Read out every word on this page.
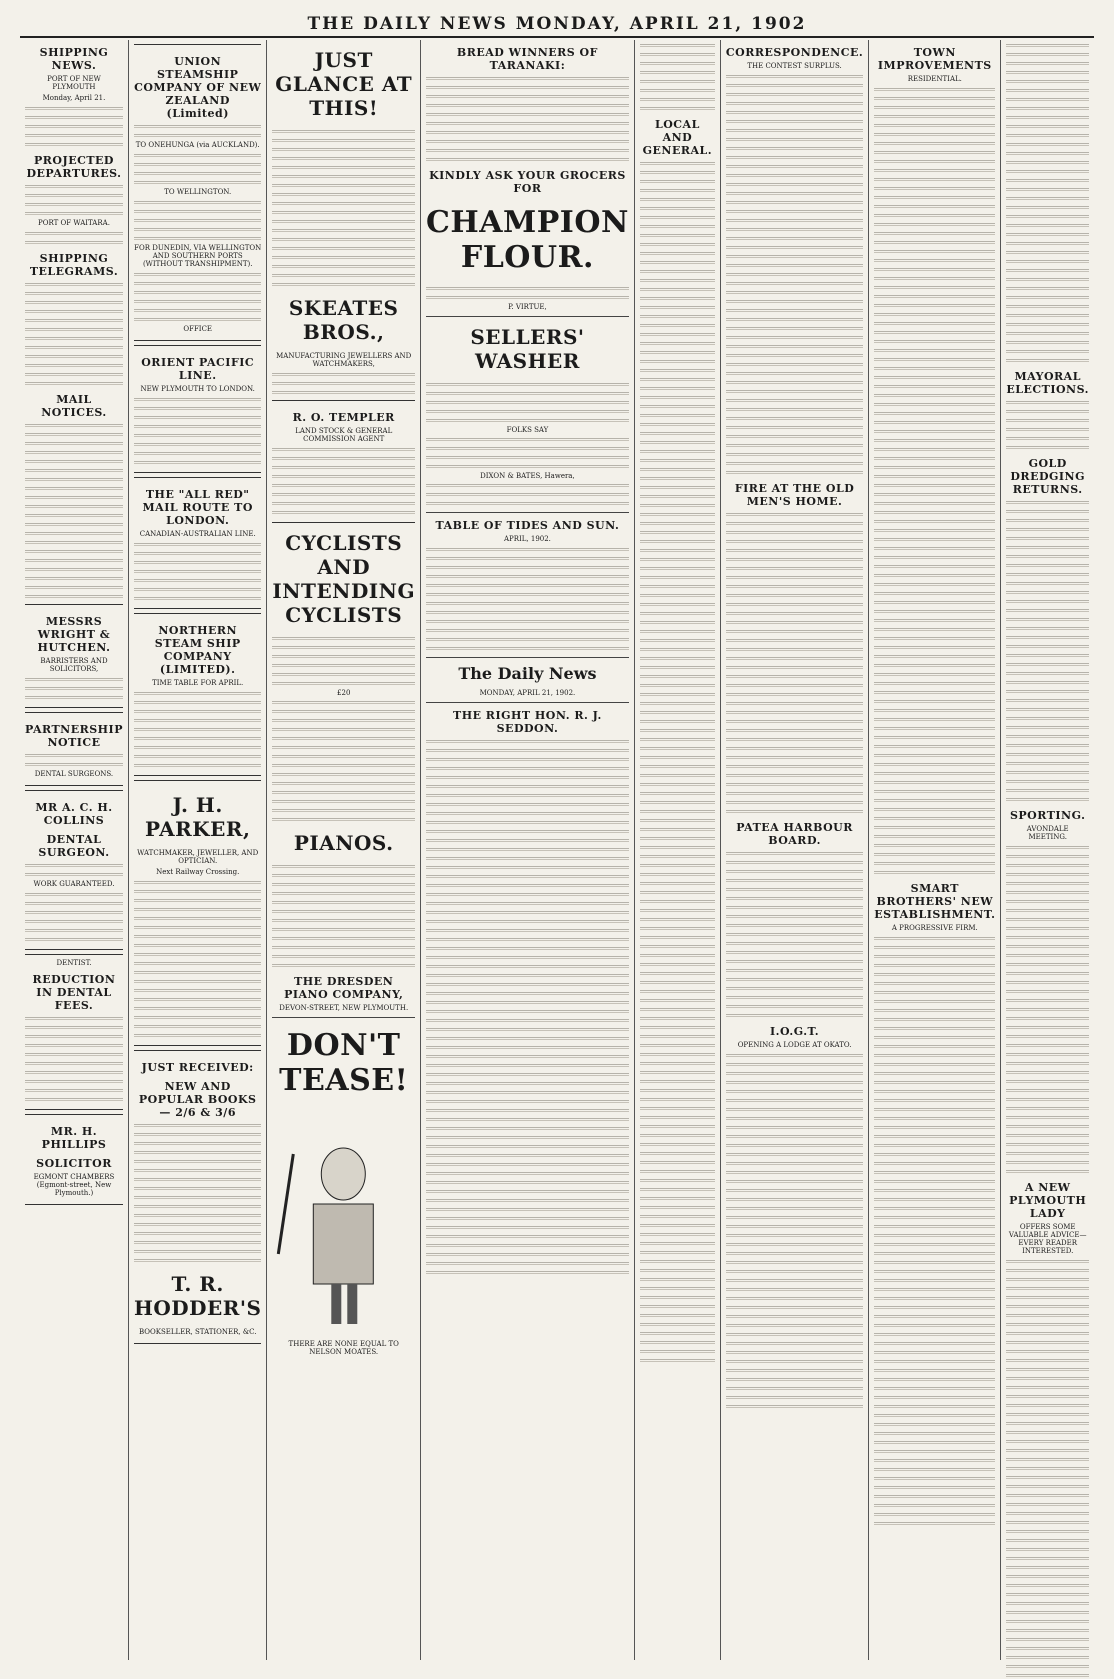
THE DAILY NEWS MONDAY, APRIL 21, 1902
SHIPPING NEWS.
PORT OF NEW PLYMOUTH
Monday, April 21.
PROJECTED DEPARTURES.
PORT OF WAITARA.
SHIPPING TELEGRAMS.
MAIL NOTICES.
MESSRS WRIGHT & HUTCHEN.
BARRISTERS AND SOLICITORS,
PARTNERSHIP NOTICE
DENTAL SURGEONS.
MR A. C. H. COLLINS
DENTAL SURGEON.
WORK GUARANTEED.
DENTIST.
REDUCTION IN DENTAL FEES.
MR. H. PHILLIPS
SOLICITOR
EGMONT CHAMBERS (Egmont-street, New Plymouth.)
UNION STEAMSHIP COMPANY OF NEW ZEALAND (Limited)
TO ONEHUNGA (via AUCKLAND).
TO WELLINGTON.
FOR DUNEDIN, VIA WELLINGTON AND SOUTHERN PORTS (WITHOUT TRANSHIPMENT).
OFFICE
ORIENT PACIFIC LINE.
NEW PLYMOUTH TO LONDON.
THE "ALL RED" MAIL ROUTE TO LONDON.
CANADIAN-AUSTRALIAN LINE.
NORTHERN STEAM SHIP COMPANY (LIMITED).
TIME TABLE FOR APRIL.
J. H. PARKER,
WATCHMAKER, JEWELLER, AND OPTICIAN.
Next Railway Crossing.
JUST RECEIVED:
NEW AND POPULAR BOOKS— 2/6 & 3/6
T. R. HODDER'S
BOOKSELLER, STATIONER, &C.
JUST GLANCE AT THIS!
SKEATES BROS.,
MANUFACTURING JEWELLERS AND WATCHMAKERS,
R. O. TEMPLER
LAND STOCK & GENERAL COMMISSION AGENT
CYCLISTS AND INTENDING CYCLISTS
£20
PIANOS.
THE DRESDEN PIANO COMPANY,
DEVON-STREET, NEW PLYMOUTH.
DON'T TEASE!
THERE ARE NONE EQUAL TO NELSON MOATES.
BREAD WINNERS OF TARANAKI:
KINDLY ASK YOUR GROCERS FOR
CHAMPION FLOUR.
P. VIRTUE,
SELLERS' WASHER
FOLKS SAY
DIXON & BATES, Hawera,
TABLE OF TIDES AND SUN.
APRIL, 1902.
The Daily News
MONDAY, APRIL 21, 1902.
THE RIGHT HON. R. J. SEDDON.
LOCAL AND GENERAL.
CORRESPONDENCE.
THE CONTEST SURPLUS.
FIRE AT THE OLD MEN'S HOME.
PATEA HARBOUR BOARD.
I.O.G.T.
OPENING A LODGE AT OKATO.
TOWN IMPROVEMENTS
RESIDENTIAL.
SMART BROTHERS' NEW ESTABLISHMENT.
A PROGRESSIVE FIRM.
MAYORAL ELECTIONS.
GOLD DREDGING RETURNS.
SPORTING.
AVONDALE MEETING.
A NEW PLYMOUTH LADY
OFFERS SOME VALUABLE ADVICE—EVERY READER INTERESTED.
